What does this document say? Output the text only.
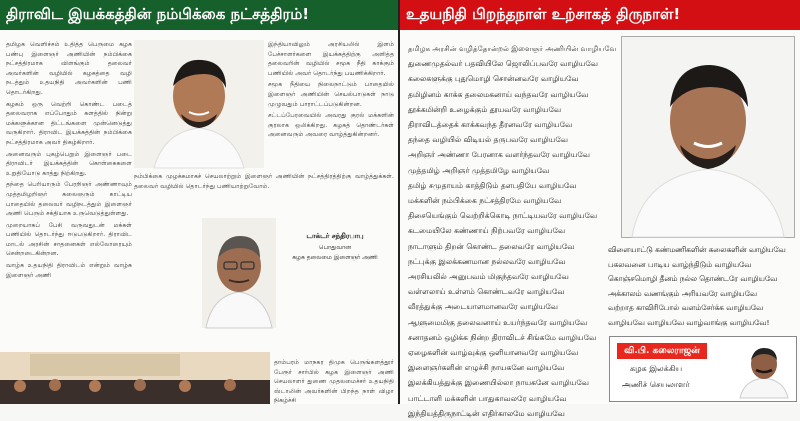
திராவிட இயக்கத்தின் நம்பிக்கை நட்சத்திரம்!

தமிழக வெளிச்சம் உதித்த பெருமை கழக பண்பு இளைஞர் அணியின் நம்பிக்கை நட்சத்திரமாக விளங்கும் தலைவர் அவர்களின் வழியில் கழகத்தை வழி நடத்தும் உதயநிதி அவர்களின் பணி தொடர்கிறது.

கழகம் ஒரு வெற்றி கொண்ட படைத் தலைவராக எப்போதும் களத்தில் நின்று மக்களுக்கான திட்டங்களை முன்னெடுத்து வருகிறார். திராவிட இயக்கத்தின் நம்பிக்கை நட்சத்திரமாக அவர் திகழ்கிறார்.

அனைவரும் புகழ்பெறும் இளைஞர் படை திராவிடர் இயக்கத்தின் கொள்கைகளை உறுதியோடு காத்து நிற்கிறது.

தந்தை பெரியாரும் பேரறிஞர் அண்ணாவும் முத்தமிழறிஞர் கலைஞரும் காட்டிய பாதையில் தலைவர் வழிநடத்தும் இளைஞர் அணி பெரும் சக்தியாக உருவெடுத்துள்ளது.

முறையாகப் பேசி வருவதுடன் மக்கள் பணியில் தொடர்ந்து ஈடுபடுகிறார். திராவிட மாடல் அரசின் சாதனைகள் எல்லோரையும் சென்றடைகின்றன.

வாழ்க உதயநிதி திராவிடம் என்றும் வாழ்க இளைஞர் அணி

இந்தியாவிலும் அரசியலில் இளம் பேச்சாளர்களை இயக்கத்திற்கு அளித்த தலைவரின் வழியில் சமூக நீதி காக்கும் பணியில் அவர் தொடர்ந்து பயணிக்கிறார்.

சமூக நீதியை நிலைநாட்டும் பாதையில் இளைஞர் அணியின் செயல்பாடுகள் நாடு முழுவதும் பாராட்டப்படுகின்றன.

சட்டப்பேரவையில் அவரது குரல் மக்களின் குரலாக ஒலிக்கிறது. கழகத் தொண்டர்கள் அனைவரும் அவரை வாழ்த்துகின்றனர்.

நம்பிக்கை முழக்கமாகச் செயலாற்றும் இளைஞர் அணியின் நட்சத்திரத்திற்கு வாழ்த்துக்கள். தலைவர் வழியில் தொடர்ந்து பணியாற்றுவோம்.
டாக்டர் சந்திரபாபு
பொதுவான
கழக தலைமை இளைஞர் அணி
தாம்பரம் மாநகர திமுக பெருங்களத்தூர் பேரூர் சார்பில் கழக இளைஞர் அணி செயலாளர் துணை முதலமைச்சர் உதயநிதி ஸ்டாலின் அவர்களின் பிறந்த நாள் விழா நிகழ்ச்சி
உதயநிதி பிறந்தநாள் உற்சாகத் திருநாள்!
தமிழக அரசின் வழித்தோன்றல் இளைஞர் அணியின் வாழியவே
துணைமுதல்வர் பதவியிலே ஜொலிப்பவரே வாழியவே
கலைகளுக்கு புதுமொழி சொன்னவரே வாழியவே
தமிழினம் காக்க தலைமகனாய் வந்தவரே வாழியவே
தூக்கமின்றி உழைக்கும் தூயவரே வாழியவே
திராவிடத்தைக் காக்கவந்த தீரனவரே வாழியவே
தந்தை வழியில் விடியல் தருபவரே வாழியவே
அறிஞர் அண்ணா பேரனாக வளர்ந்தவரே வாழியவே
முத்தமிழ் அறிஞர் முத்தமிழே வாழியவே
தமிழ் சமுதாயம் காத்திடும் தளபதியே வாழியவே
மக்களின் நம்பிக்கை நட்சத்திரமே வாழியவே
திசையெங்கும் வெற்றிக்கொடி நாட்டியவரே வாழியவே
கடமையிலே கண்ணாய் நிற்பவரே வாழியவே
நாடாளும் திறன் கொண்ட தலைவரே வாழியவே
நட்புக்கு இலக்கணமான நல்லவரே வாழியவே
அரசியலில் அனுபவம் மிகுந்தவரே வாழியவே
வள்ளலாய் உள்ளம் கொண்டவரே வாழியவே
வீரத்துக்கு அடையாளமானவரே வாழியவே
ஆளுமைமிகு தலைவனாய் உயர்ந்தவரே வாழியவே
சனாதனம் ஒழிக்க நின்ற திராவிடச் சிங்கமே வாழியவே
ஏழைகளின் வாழ்வுக்கு ஒளியானவரே வாழியவே
இளைஞர்களின் எழுச்சி நாயகனே வாழியவே
இலக்கியத்துக்கு இணையில்லா நாயகனே வாழியவே
பாட்டாளி மக்களின் பாதுகாவலரே வாழியவே
இந்தியத்திருநாட்டின் எதிர்காலமே வாழியவே
விளையாட்டு கண்மணிகளின் கலைகளின் வாழியவே
பகலவனை பாடிய வாழ்ந்திடும் வாழியவே
கொஞ்சமொழி தீனம் நல்ல தொண்டரே வாழியவே
அக்காலம் வணங்கும் அரியவரே வாழியவே
வற்றாத காவிரிபோல் வளம்சேர்க்க வாழியவே
வாழியவே வாழியவே வாழ்வாங்கு வாழியவே!
வி.பி. கலைராஜன்
கழக இலக்கிய
அணிச் செயலாளர்
